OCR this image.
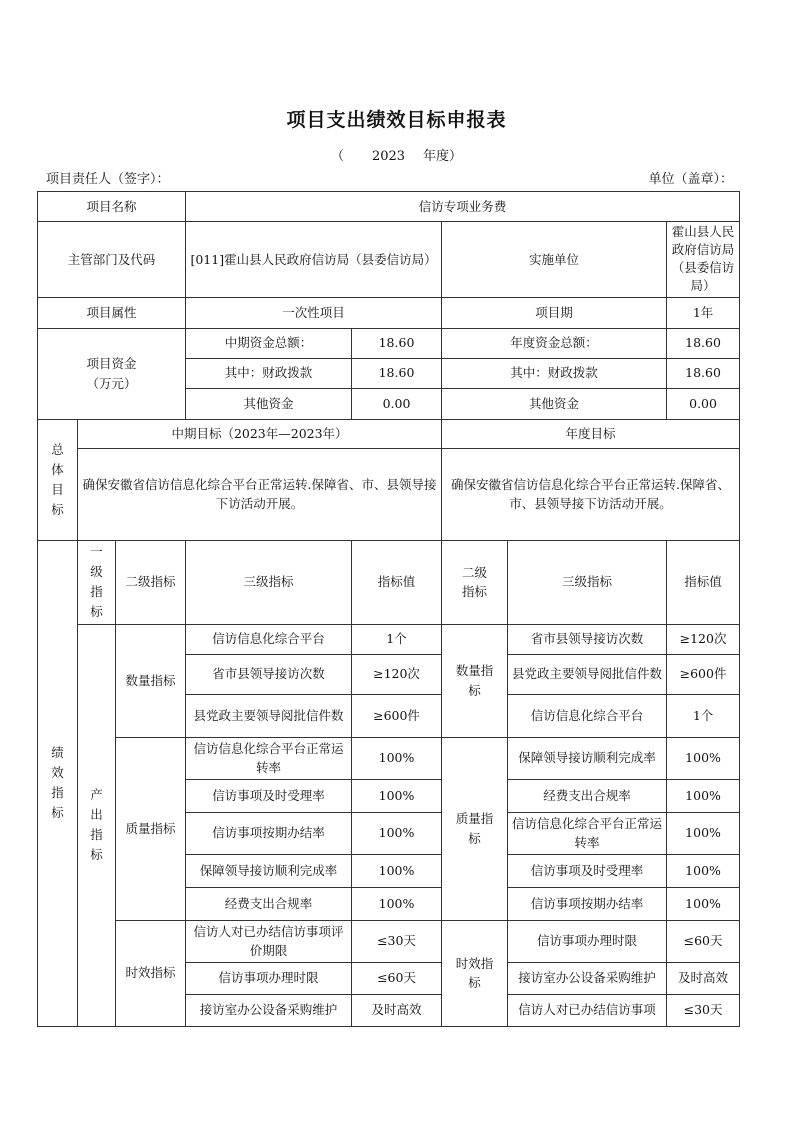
项目支出绩效目标申报表
（ 2023 年度）
项目责任人（签字）：	单位（盖章）：
项目名称			信访专项业务费				
主管部门及代码			[011]霍山县人民政府信访局（县委信访局）		实施单位		霍山县人民政府信访局（县委信访局）
项目属性			一次性项目		项目期		1年
项目资金（万元）			中期资金总额：	18.60	年度资金总额：		18.60
			其中：财政拨款	18.60	其中：财政拨款		18.60
			其他资金	0.00	其他资金		0.00
总体目标	中期目标（2023年—2023年）				年度目标		
	确保安徽省信访信息化综合平台正常运转.保障省、市、县领导接下访活动开展。				确保安徽省信访信息化综合平台正常运转.保障省、市、县领导接下访活动开展。		
绩效指标	一级指标	二级指标	三级指标	指标值	二级指标	三级指标	指标值
	产出指标	数量指标	信访信息化综合平台	1个	数量指标	省市县领导接访次数	≥120次
			省市县领导接访次数	≥120次		县党政主要领导阅批信件数	≥600件
			县党政主要领导阅批信件数	≥600件		信访信息化综合平台	1个
		质量指标	信访信息化综合平台正常运转率	100%	质量指标	保障领导接访顺利完成率	100%
			信访事项及时受理率	100%		经费支出合规率	100%
			信访事项按期办结率	100%		信访信息化综合平台正常运转率	100%
			保障领导接访顺利完成率	100%		信访事项及时受理率	100%
			经费支出合规率	100%		信访事项按期办结率	100%
		时效指标	信访人对已办结信访事项评价期限	≤30天	时效指标	信访事项办理时限	≤60天
			信访事项办理时限	≤60天		接访室办公设备采购维护	及时高效
			接访室办公设备采购维护	及时高效		信访人对已办结信访事项	≤30天
